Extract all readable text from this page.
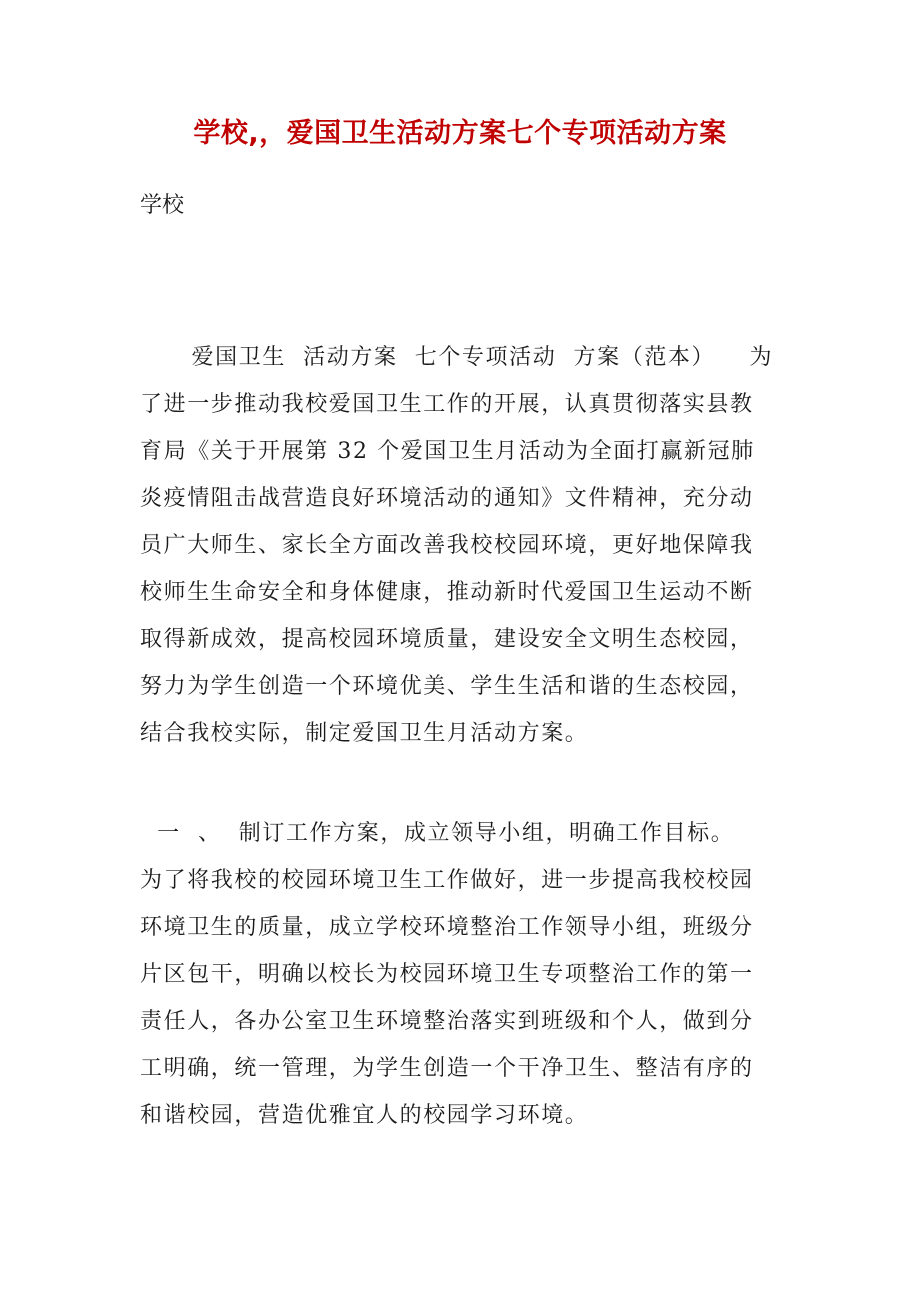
学校,，爱国卫生活动方案七个专项活动方案
学校
爱国卫生  活动方案  七个专项活动  方案（范本）    为
了进一步推动我校爱国卫生工作的开展，认真贯彻落实县教
育局《关于开展第 32 个爱国卫生月活动为全面打赢新冠肺
炎疫情阻击战营造良好环境活动的通知》文件精神，充分动
员广大师生、家长全方面改善我校校园环境，更好地保障我
校师生生命安全和身体健康，推动新时代爱国卫生运动不断
取得新成效，提高校园环境质量，建设安全文明生态校园，
努力为学生创造一个环境优美、学生生活和谐的生态校园，
结合我校实际，制定爱国卫生月活动方案。
一  、  制订工作方案，成立领导小组，明确工作目标。
为了将我校的校园环境卫生工作做好，进一步提高我校校园
环境卫生的质量，成立学校环境整治工作领导小组，班级分
片区包干，明确以校长为校园环境卫生专项整治工作的第一
责任人，各办公室卫生环境整治落实到班级和个人，做到分
工明确，统一管理，为学生创造一个干净卫生、整洁有序的
和谐校园，营造优雅宜人的校园学习环境。
